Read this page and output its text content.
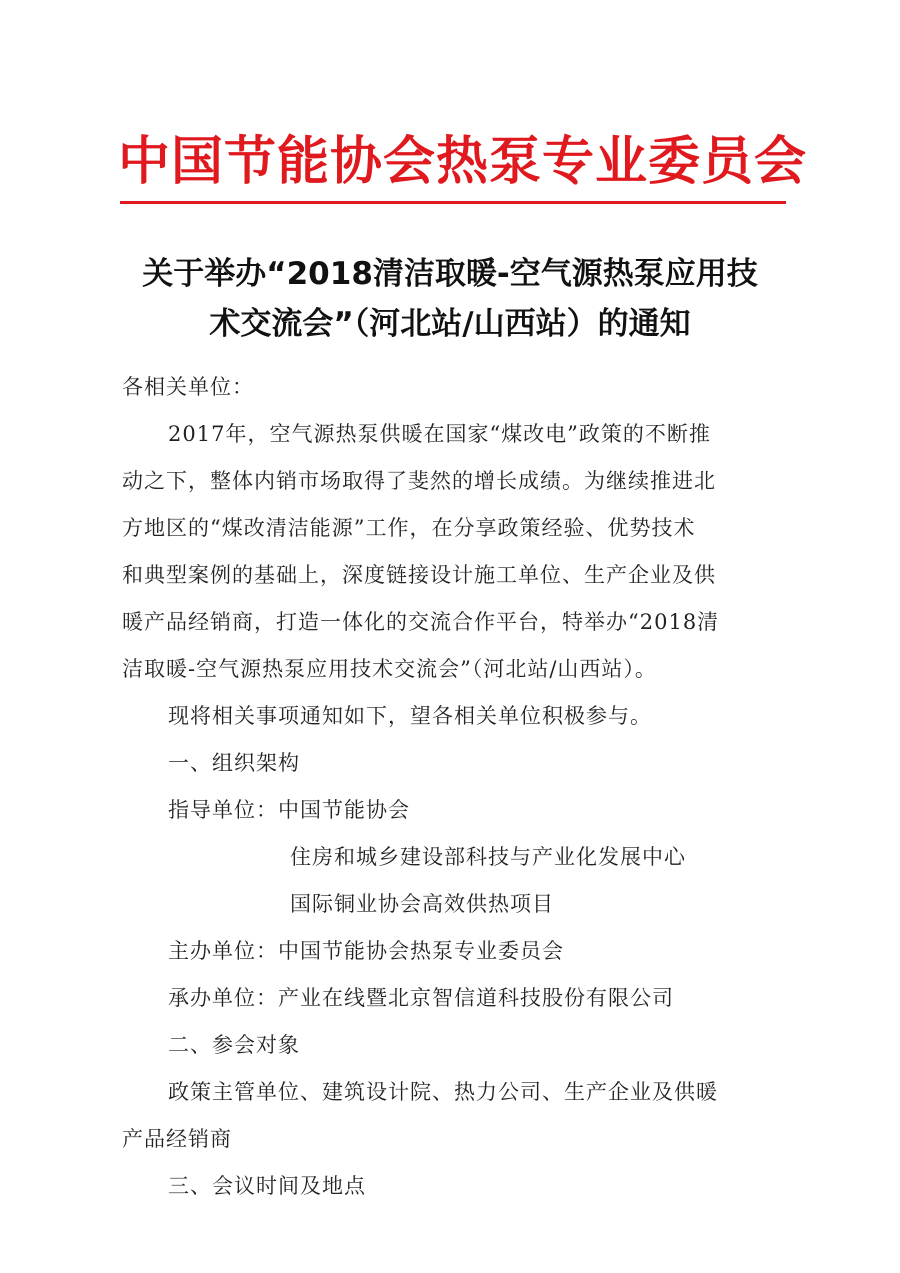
中国节能协会热泵专业委员会
关于举办“2018清洁取暖-空气源热泵应用技
术交流会”（河北站/山西站）的通知

各相关单位：

2017年，空气源热泵供暖在国家“煤改电”政策的不断推

动之下，整体内销市场取得了斐然的增长成绩。为继续推进北

方地区的“煤改清洁能源”工作，在分享政策经验、优势技术

和典型案例的基础上，深度链接设计施工单位、生产企业及供

暖产品经销商，打造一体化的交流合作平台，特举办“2018清

洁取暖-空气源热泵应用技术交流会”（河北站/山西站）。

现将相关事项通知如下，望各相关单位积极参与。

一、组织架构

指导单位：中国节能协会

住房和城乡建设部科技与产业化发展中心

国际铜业协会高效供热项目

主办单位：中国节能协会热泵专业委员会

承办单位：产业在线暨北京智信道科技股份有限公司

二、参会对象

政策主管单位、建筑设计院、热力公司、生产企业及供暖

产品经销商

三、会议时间及地点
